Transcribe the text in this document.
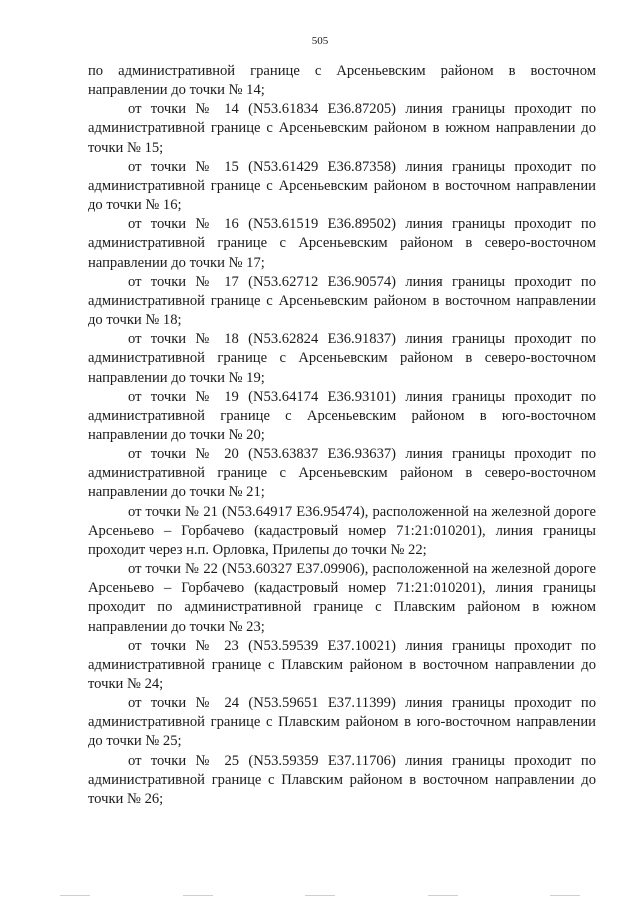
505

по административной границе с Арсеньевским районом в восточном направлении до точки № 14;

от точки № 14 (N53.61834 E36.87205) линия границы проходит по административной границе с Арсеньевским районом в южном направлении до точки № 15;

от точки № 15 (N53.61429 E36.87358) линия границы проходит по административной границе с Арсеньевским районом в восточном направлении до точки № 16;

от точки № 16 (N53.61519 E36.89502) линия границы проходит по административной границе с Арсеньевским районом в северо-восточном направлении до точки № 17;

от точки № 17 (N53.62712 E36.90574) линия границы проходит по административной границе с Арсеньевским районом в восточном направлении до точки № 18;

от точки № 18 (N53.62824 E36.91837) линия границы проходит по административной границе с Арсеньевским районом в северо-восточном направлении до точки № 19;

от точки № 19 (N53.64174 E36.93101) линия границы проходит по административной границе с Арсеньевским районом в юго-восточном направлении до точки № 20;

от точки № 20 (N53.63837 E36.93637) линия границы проходит по административной границе с Арсеньевским районом в северо-восточном направлении до точки № 21;

от точки № 21 (N53.64917 E36.95474), расположенной на железной дороге Арсеньево – Горбачево (кадастровый номер 71:21:010201), линия границы проходит через н.п. Орловка, Прилепы до точки № 22;

от точки № 22 (N53.60327 E37.09906), расположенной на железной дороге Арсеньево – Горбачево (кадастровый номер 71:21:010201), линия границы проходит по административной границе с Плавским районом в южном направлении до точки № 23;

от точки № 23 (N53.59539 E37.10021) линия границы проходит по административной границе с Плавским районом в восточном направлении до точки № 24;

от точки № 24 (N53.59651 E37.11399) линия границы проходит по административной границе с Плавским районом в юго-восточном направлении до точки № 25;

от точки № 25 (N53.59359 E37.11706) линия границы проходит по административной границе с Плавским районом в восточном направлении до точки № 26;
